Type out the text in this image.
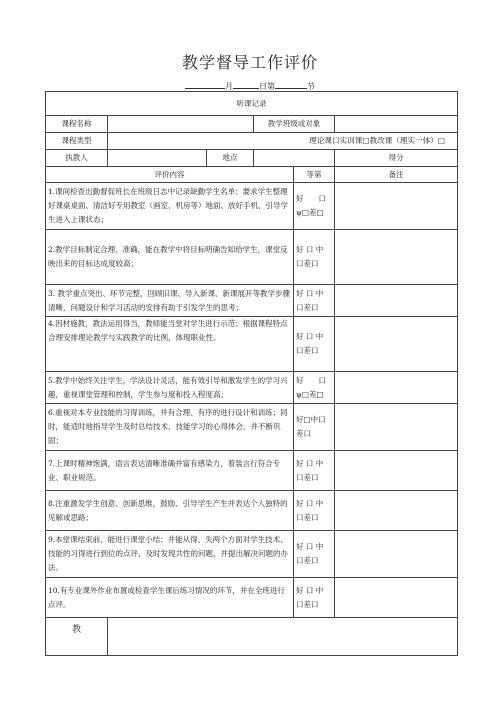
教学督导工作评价
月	日第	节
听课记录					
课程名称			教学班级或对象		
课程类型	理论课口实训课□教改课（理实一体）□				
执教人		地点			得分
评价内容				等第	备注
1.课间检查出勤督促班长在班级日志中记录缺勤学生名单；要求学生整理好课桌桌面、清洁好专用教室（画室、机房等）地面、放好手机，引导学生进入上课状态；				好　　口
ψ□差□	
2.教学目标制定合理、准确，能在教学中将目标明确告知给学生，课堂反映出来的目标达成度较高；				好 口 中
口差口	
3. 教学重点突出、环节完整，回顾旧课、导入新课、新课展开等教学步骤清晰，问题设计和学习活动的安排有助于引发学生的思考；				好 口 中
口差口	
4.因材施教，教法运用得当，教师能当堂对学生进行示范；根据课程特点合理安排理论教学与实践教学的比例，体现职业性。				好 口 中
口差口	
5.教学中始终关注学生，学法设计灵活，能有效引导和激发学生的学习兴趣，重视课堂管理和控制，学生参与度和投入程度高；				好　　口
ψ□差□	
6.重视对本专业技能的习得训练，并有合理、有序的进行设计和训练；同时，能适时地指导学生及时总结技术、技能学习的心得体会，并不断巩固；				好□中口
差口	
7.上课时精神饱满，语言表达清晰准确并富有感染力，着装言行符合专业、职业规范。				好 口 中
口差口	
8.注重激发学生创意、创新思维，鼓励、引导学生产生并表达个人独特的见解或思路；				好 口 中
口差口	
9.本堂课结束前，能进行课堂小结；并能从得、失两个方面对学生技术、技能的习得进行到位的点评，及时发现共性的问题，并提出解决问题的办法。				好 口 中
口差口	
10.有专业课外作业布置或检查学生课后练习情况的环节，并在全班进行点评。				好 口 中
口差口	
教					
